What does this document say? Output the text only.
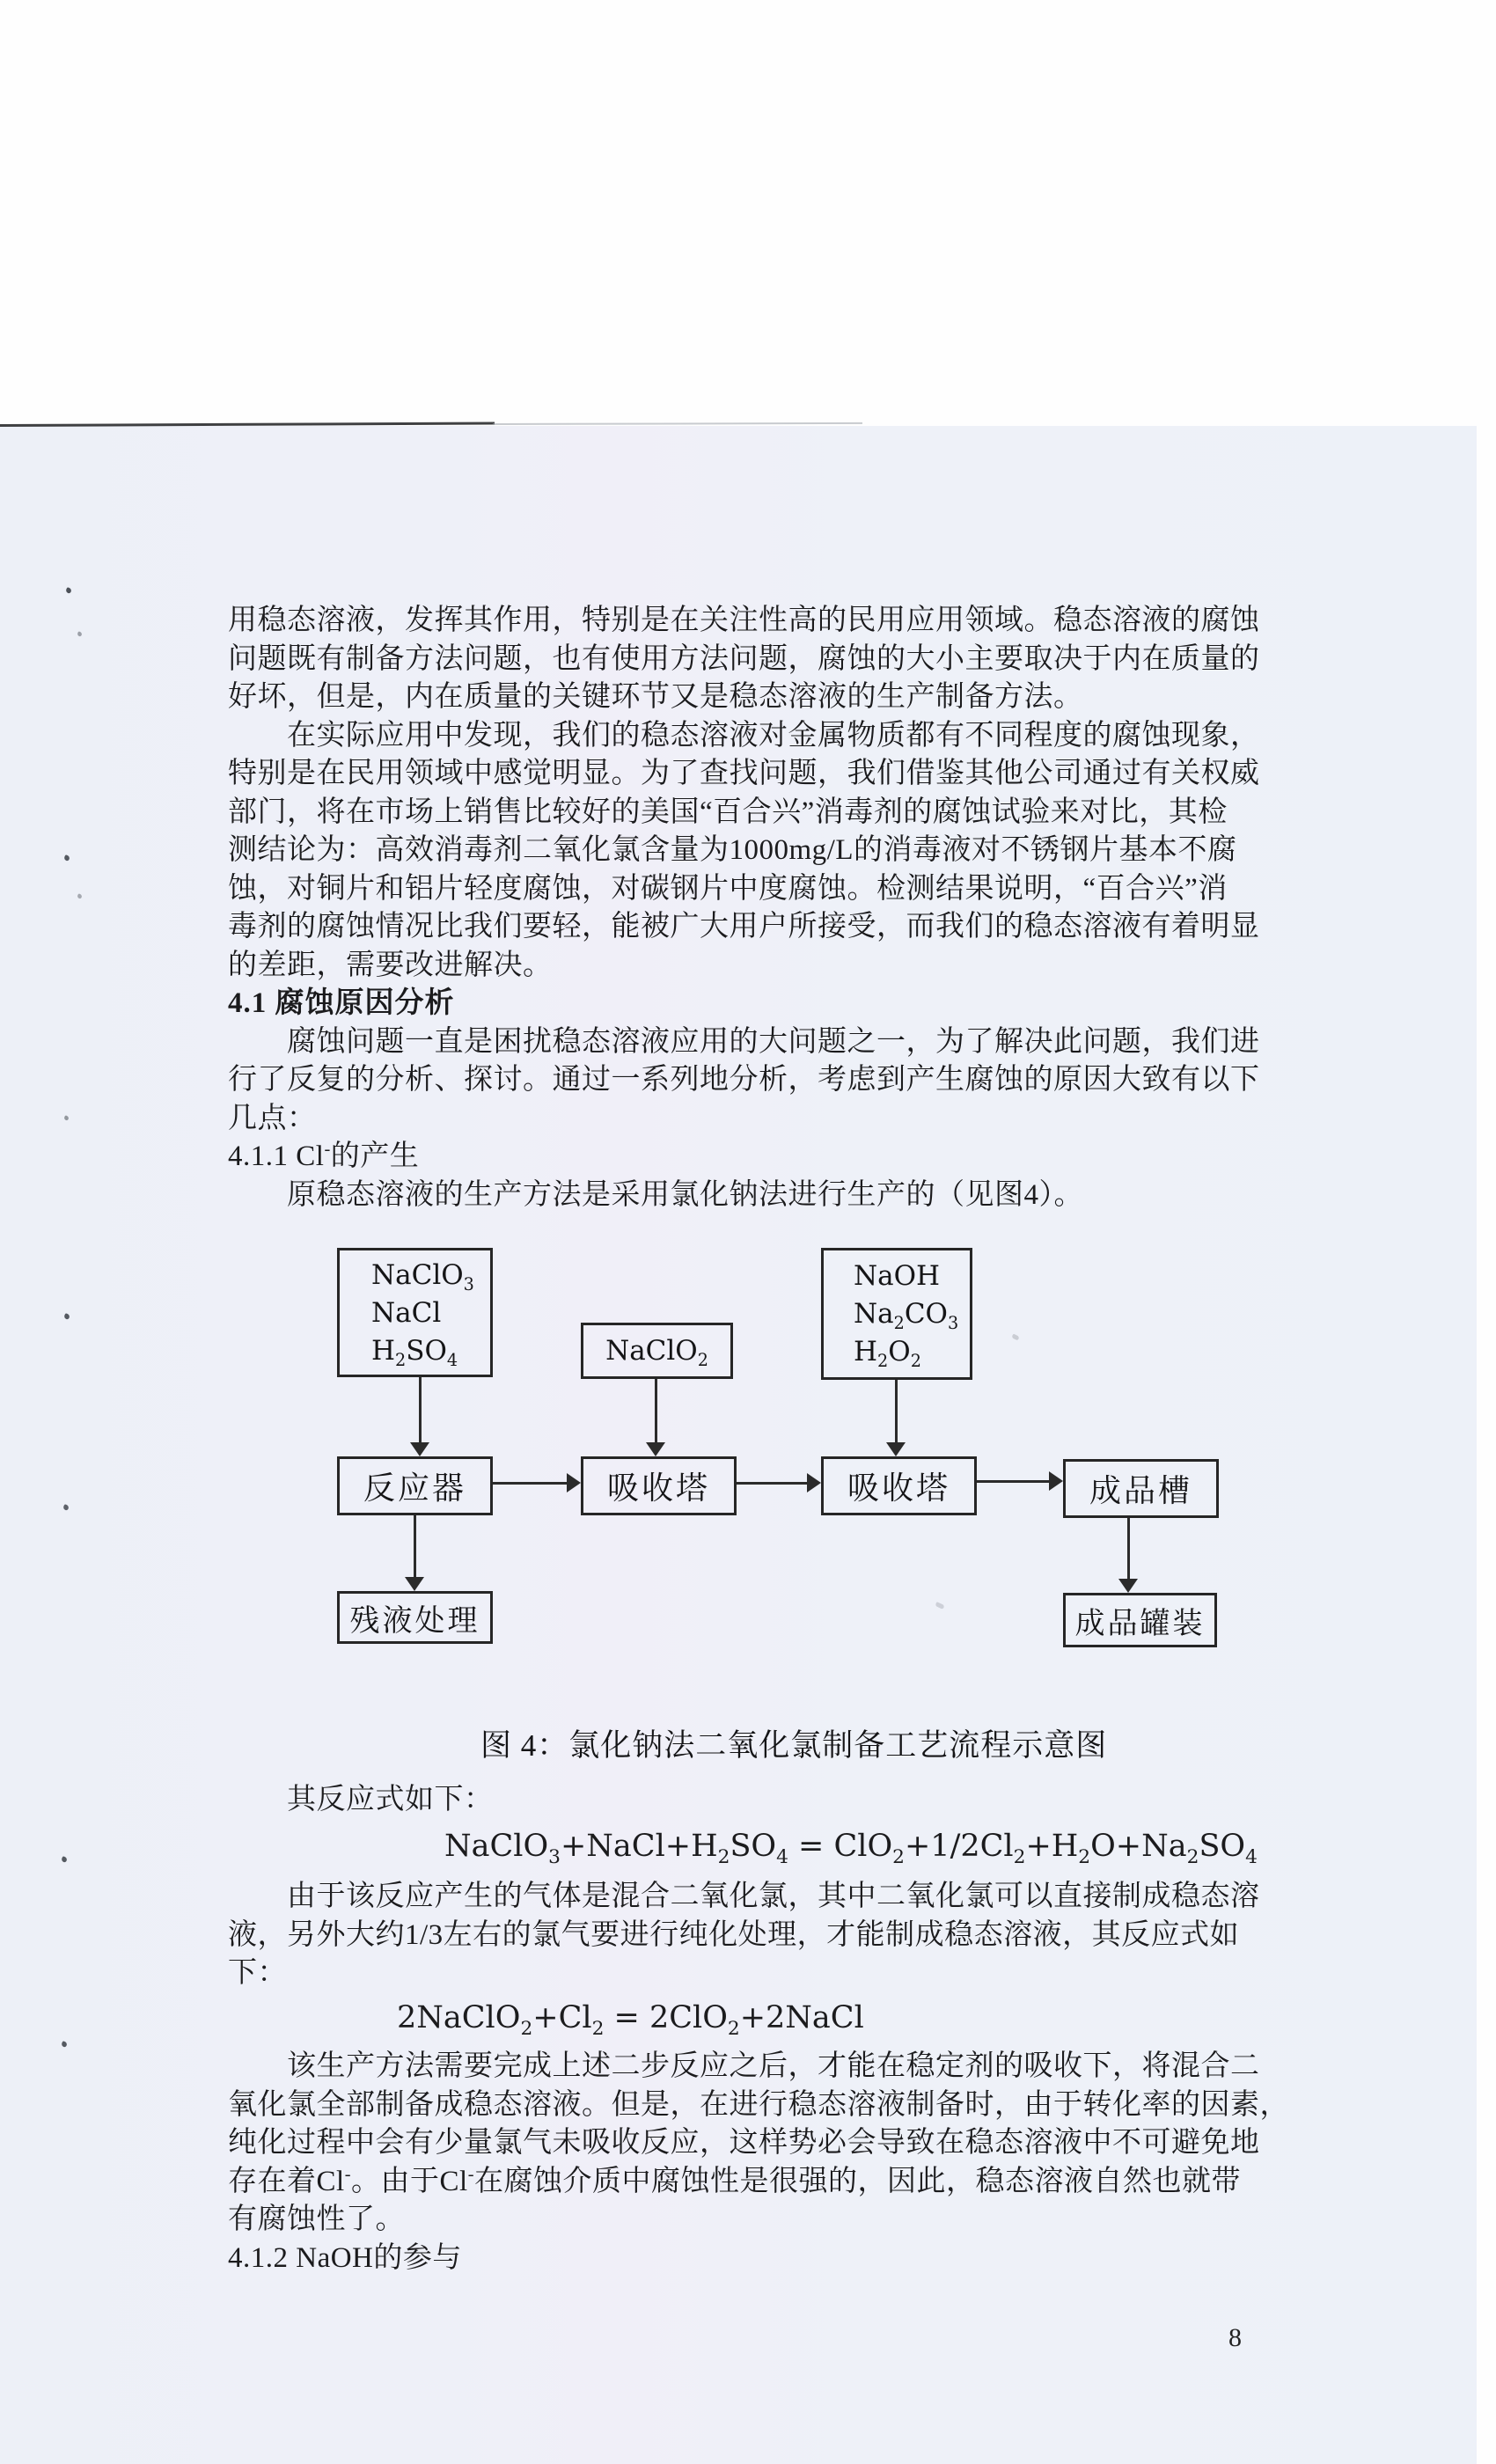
用稳态溶液，发挥其作用，特别是在关注性高的民用应用领域。稳态溶液的腐蚀
问题既有制备方法问题，也有使用方法问题，腐蚀的大小主要取决于内在质量的
好坏，但是，内在质量的关键环节又是稳态溶液的生产制备方法。
在实际应用中发现，我们的稳态溶液对金属物质都有不同程度的腐蚀现象，
特别是在民用领域中感觉明显。为了查找问题，我们借鉴其他公司通过有关权威
部门，将在市场上销售比较好的美国“百合兴”消毒剂的腐蚀试验来对比，其检
测结论为：高效消毒剂二氧化氯含量为1000mg/L的消毒液对不锈钢片基本不腐
蚀，对铜片和铝片轻度腐蚀，对碳钢片中度腐蚀。检测结果说明，“百合兴”消
毒剂的腐蚀情况比我们要轻，能被广大用户所接受，而我们的稳态溶液有着明显
的差距，需要改进解决。
4.1 腐蚀原因分析
腐蚀问题一直是困扰稳态溶液应用的大问题之一，为了解决此问题，我们进
行了反复的分析、探讨。通过一系列地分析，考虑到产生腐蚀的原因大致有以下
几点：
4.1.1 Cl-的产生
原稳态溶液的生产方法是采用氯化钠法进行生产的（见图4）。
NaClO$_3$
NaCl
$H_2SO_4$	NaClO$_2$
NaOH
$Na_2CO_3$
$H_2O_2$
反应器	吸收塔	吸收塔	成品槽
残液处理	成品罐装
图 4：氯化钠法二氧化氯制备工艺流程示意图
其反应式如下：
$NaClO_3+NaCl+H_2SO_4 = ClO_2+1/2Cl_2+H_2O+Na_2SO_4$
由于该反应产生的气体是混合二氧化氯，其中二氧化氯可以直接制成稳态溶
液，另外大约1/3左右的氯气要进行纯化处理，才能制成稳态溶液，其反应式如
下：
$2NaClO_2+Cl_2$ = 2ClO$_2$+2NaCl
该生产方法需要完成上述二步反应之后，才能在稳定剂的吸收下，将混合二
氧化氯全部制备成稳态溶液。但是，在进行稳态溶液制备时，由于转化率的因素，
纯化过程中会有少量氯气未吸收反应，这样势必会导致在稳态溶液中不可避免地
存在着Cl-。由于Cl-在腐蚀介质中腐蚀性是很强的，因此，稳态溶液自然也就带
有腐蚀性了。
4.1.2 NaOH的参与
8
